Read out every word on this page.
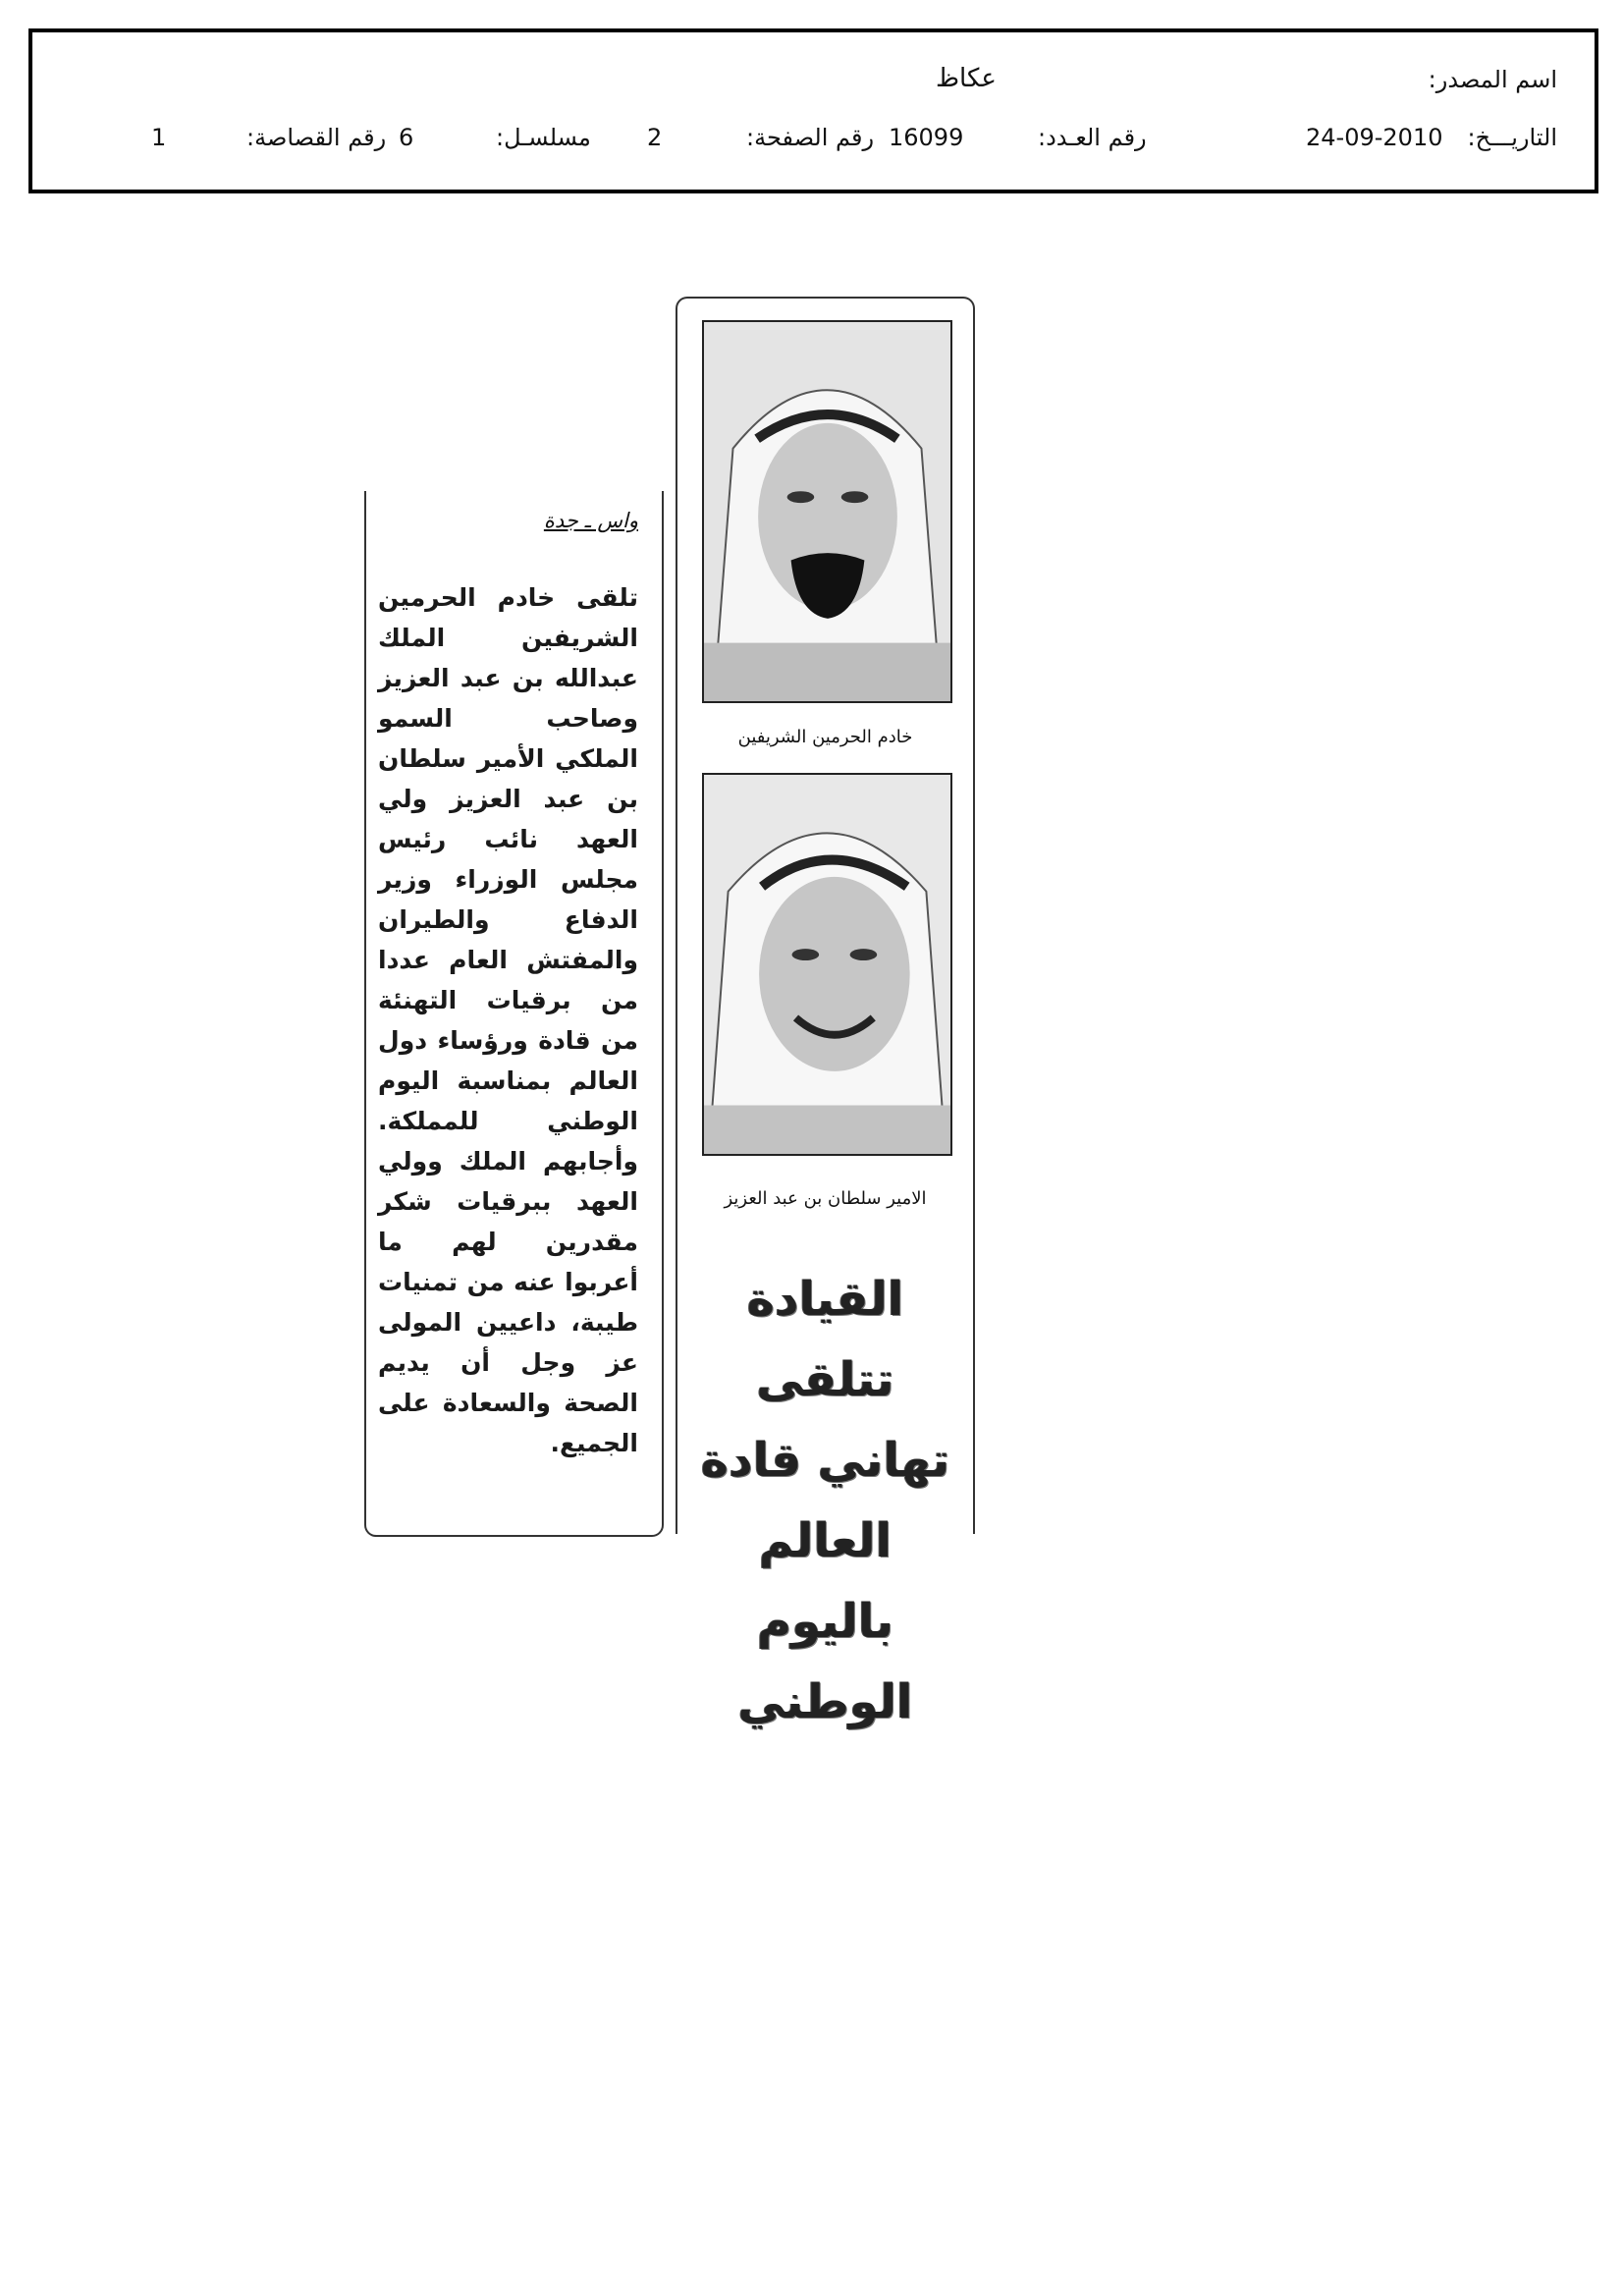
اسم المصدر:
عكاظ
التاريـــخ:
24-09-2010
رقم العـدد:
16099
رقم الصفحة:
2
مسلسـل:
6
رقم القصاصة:
1
خادم الحرمين الشريفين
الامير سلطان بن عبد العزيز
القيادة تتلقى
تهاني قادة العالم
باليوم الوطني
واس ـ جدة
تلقى خادم الحرمين الشريفين الملك عبدالله بن عبد العزيز وصاحب السمو الملكي الأمير سلطان بن عبد العزيز ولي العهد نائب رئيس مجلس الوزراء وزير الدفاع والطيران والمفتش العام عددا من برقيات التهنئة من قادة ورؤساء دول العالم بمناسبة اليوم الوطني للمملكة. وأجابهم الملك وولي العهد ببرقيات شكر مقدرين لهم ما أعربوا عنه من تمنيات طيبة، داعيين المولى عز وجل أن يديم الصحة والسعادة على الجميع.
